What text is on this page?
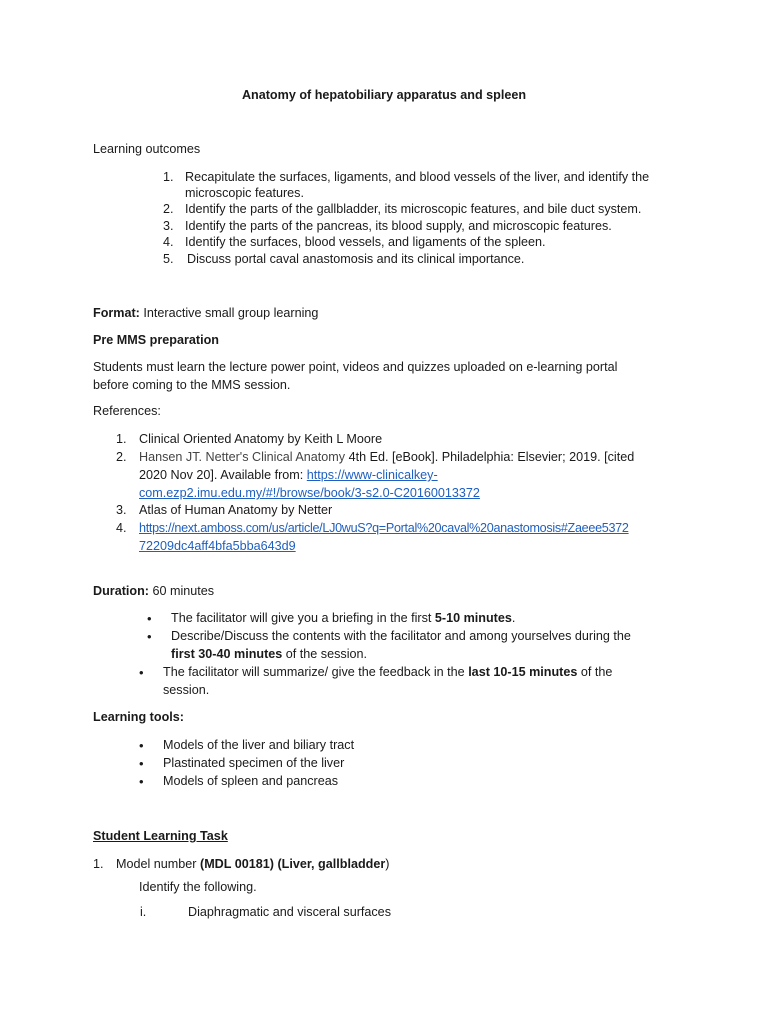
Anatomy of hepatobiliary apparatus and spleen
Learning outcomes
1. Recapitulate the surfaces, ligaments, and blood vessels of the liver, and identify the
microscopic features.
2. Identify the parts of the gallbladder, its microscopic features, and bile duct system.
3. Identify the parts of the pancreas, its blood supply, and microscopic features.
4. Identify the surfaces, blood vessels, and ligaments of the spleen.
5. Discuss portal caval anastomosis and its clinical importance.
Format: Interactive small group learning
Pre MMS preparation
Students must learn the lecture power point, videos and quizzes uploaded on e-learning portal
before coming to the MMS session.
References:
1. Clinical Oriented Anatomy by Keith L Moore
2. Hansen JT. Netter's Clinical Anatomy 4th Ed. [eBook]. Philadelphia: Elsevier; 2019. [cited
2020 Nov 20]. Available from: https://www-clinicalkey-
com.ezp2.imu.edu.my/#!/browse/book/3-s2.0-C20160013372
3. Atlas of Human Anatomy by Netter
4. https://next.amboss.com/us/article/LJ0wuS?q=Portal%20caval%20anastomosis#Zaeee5372
72209dc4aff4bfa5bba643d9
Duration: 60 minutes
• The facilitator will give you a briefing in the first 5-10 minutes.
• Describe/Discuss the contents with the facilitator and among yourselves during the
first 30-40 minutes of the session.
• The facilitator will summarize/ give the feedback in the last 10-15 minutes of the
session.
Learning tools:
• Models of the liver and biliary tract
• Plastinated specimen of the liver
• Models of spleen and pancreas
Student Learning Task
1. Model number (MDL 00181) (Liver, gallbladder)
Identify the following.
i.	Diaphragmatic and visceral surfaces
